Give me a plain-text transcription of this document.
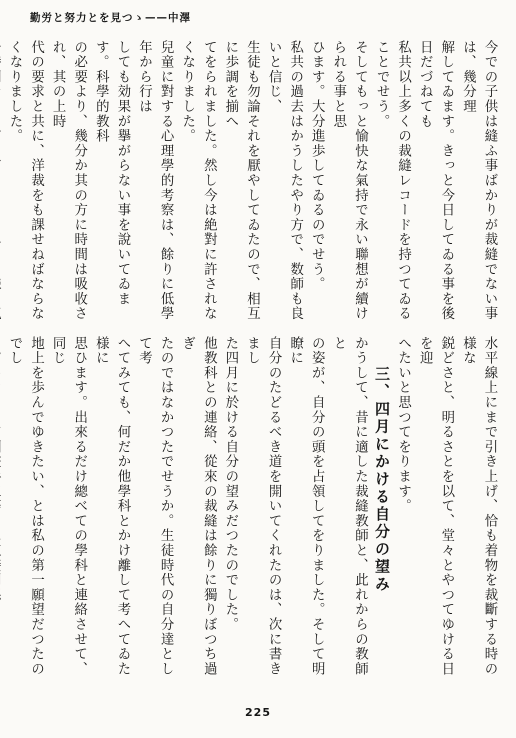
勤労と努力とを見つゝ——中澤

今での子供は縫ふ事ばかりが裁縫でない事は、幾分理

解してゐます。きっと今日してゐる事を後日だづねても

私共以上多くの裁縫レコードを持つてゐることでせう。

そしてもっと愉快な氣持で永い聯想が續けられる事と思

ひます。大分進歩してゐるのでせう。

私共の過去はかうしたやり方で、数師も良いと信じ、

生徒も勿論それを厭やしてゐたので、相互に歩調を揃へ

てをられました。然し今は絶對に許されなくなりました。

兒童に對する心理學的考察は、餘りに低學年から行は

しても効果が擧がらない事を說いてゐます。科學的教科

の必要より、幾分か其の方に時間は吸收され、其の上時

代の要求と共に、洋裁をも課せねばならなくなりました。

水平線上にまで引き上げ、恰も着物を裁斷する時の様な

鋭どさと、明るさとを以て、堂々とやつてゆける日を迎

へたいと思つてをります。

三、四月にかける自分の望み

かうして、昔に適した裁縫教師と、此れからの教師と

の姿が、自分の頭を占領してをりました。そして明瞭に

自分のたどるべき道を開いてくれたのは、次に書きまし

た四月に於ける自分の望みだつたのでした。

他教科との連絡、從來の裁縫は餘りに獨りぼつち過ぎ

たのではなかつたでせうか。生徒時代の自分達として考

へてみても、何だか他學科とかけ離して考へてゐた様に

思ひます。出來るだけ總べての學科と連絡させて、同じ

地上を歩んでゆきたい、とは私の第一願望だつたのでし

225
